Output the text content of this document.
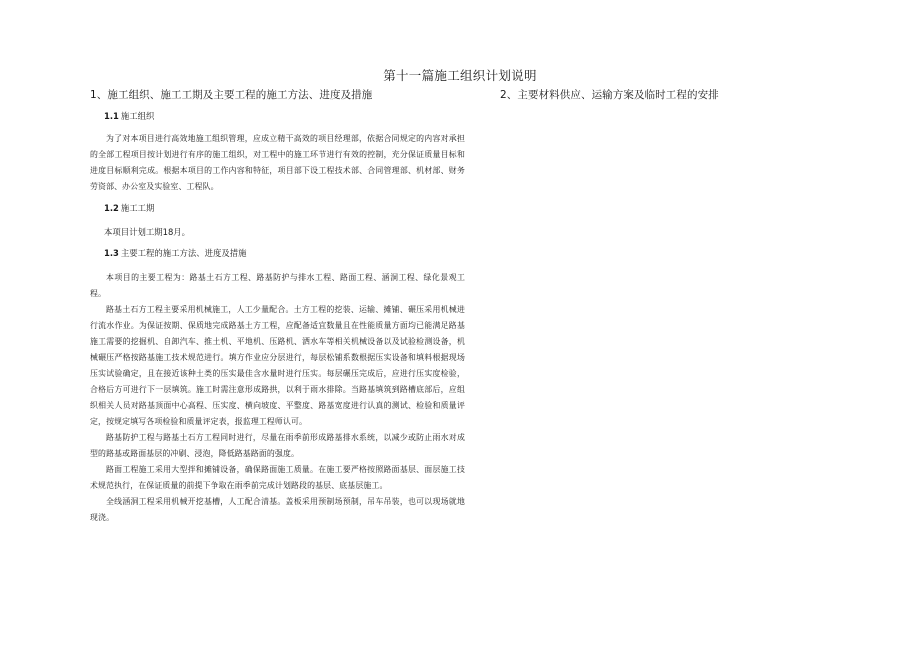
第十一篇施工组织计划说明
1、施工组织、施工工期及主要工程的施工方法、进度及措施	2、主要材料供应、运输方案及临时工程的安排
1.1 施工组织

为了对本项目进行高效地施工组织管理，应成立精干高效的项目经理部，依据合同规定的内容对承担的全部工程项目按计划进行有序的施工组织，对工程中的施工环节进行有效的控制，充分保证质量目标和进度目标顺利完成。根据本项目的工作内容和特征，项目部下设工程技术部、合同管理部、机材部、财务劳资部、办公室及实验室、工程队。

1.2 施工工期

本项目计划工期18月。

1.3 主要工程的施工方法、进度及措施

本项目的主要工程为：路基土石方工程、路基防护与排水工程、路面工程、涵洞工程、绿化景观工程。

路基土石方工程主要采用机械施工，人工少量配合。土方工程的挖装、运输、摊铺、碾压采用机械进行流水作业。为保证按期、保质地完成路基土方工程，应配备适宜数量且在性能质量方面均已能满足路基施工需要的挖掘机、自卸汽车、推土机、平地机、压路机、洒水车等相关机械设备以及试验检测设备，机械碾压严格按路基施工技术规范进行。填方作业应分层进行，每层松铺系数根据压实设备和填料根据现场压实试验确定，且在接近该种土类的压实最佳含水量时进行压实。每层碾压完成后，应进行压实度检验，合格后方可进行下一层填筑。施工时需注意形成路拱，以利于雨水排除。当路基填筑到路槽底部后，应组织相关人员对路基顶面中心高程、压实度、横向坡度、平整度、路基宽度进行认真的测试、检验和质量评定，按规定填写各项检验和质量评定表，报监理工程师认可。

路基防护工程与路基土石方工程同时进行，尽量在雨季前形成路基排水系统，以减少或防止雨水对成型的路基或路面基层的冲刷、浸泡，降低路基路面的强度。

路面工程施工采用大型拌和摊铺设备，确保路面施工质量。在施工要严格按照路面基层、面层施工技术规范执行，在保证质量的前提下争取在雨季前完成计划路段的基层、底基层施工。

全线涵洞工程采用机械开挖基槽，人工配合清基。盖板采用预制场预制，吊车吊装，也可以现场就地现浇。
